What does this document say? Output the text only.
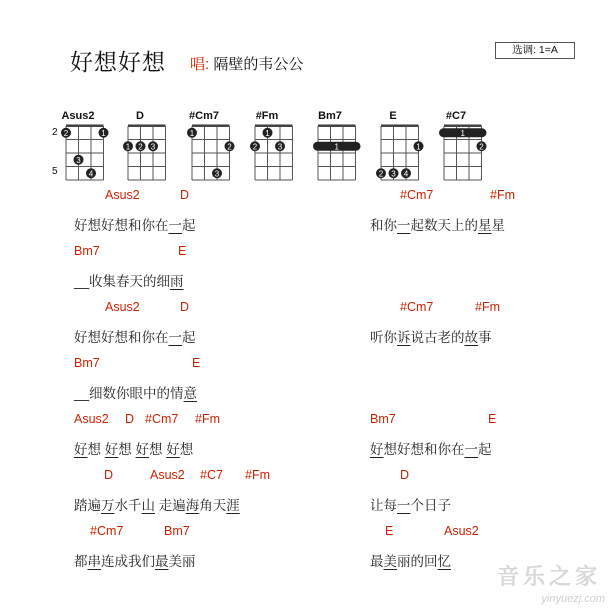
好想好想 唱: 隔壁的韦公公
选调: 1=A
Asus2
2	1
3
4
2
5
D
1 2 3
#Cm7
1
2
3
#Fm
1
2	3
Bm7
1
E
1
2 3 4
#C7
1
2
Asus2	D	#Cm7	#Fm
好想好想和你在一起	和你一起数天上的星星
Bm7	E
__收集春天的细雨
Asus2	D	#Cm7	#Fm
好想好想和你在一起	听你诉说古老的故事
Bm7	E
__细数你眼中的情意
Asus2 D #Cm7 #Fm	Bm7	E
好想 好想 好想 好想	好想好想和你在一起
D	Asus2 #C7 #Fm	D
踏遍万水千山 走遍海角天涯	让每一个日子
#Cm7	Bm7	E	Asus2
都串连成我们最美丽	最美丽的回忆
音乐之家
yinyuezj.com
